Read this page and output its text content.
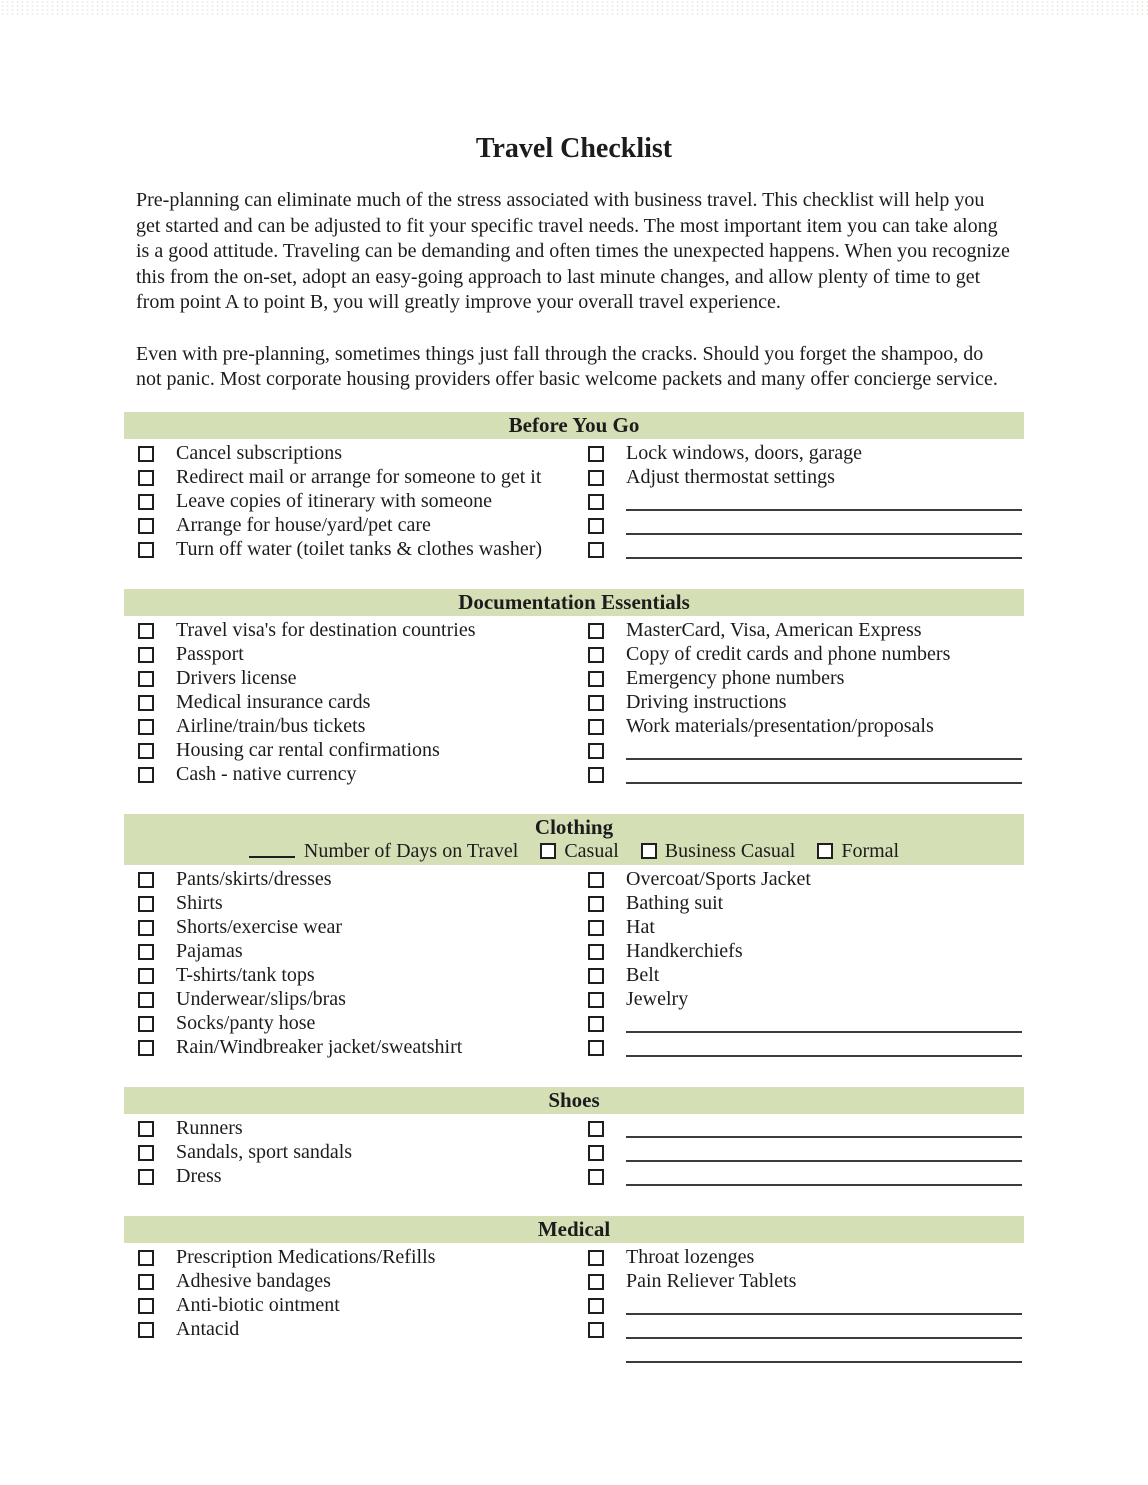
Travel Checklist

Pre-planning can eliminate much of the stress associated with business travel. This checklist will help you get started and can be adjusted to fit your specific travel needs. The most important item you can take along is a good attitude. Traveling can be demanding and often times the unexpected happens. When you recognize this from the on-set, adopt an easy-going approach to last minute changes, and allow plenty of time to get from point A to point B, you will greatly improve your overall travel experience.

Even with pre-planning, sometimes things just fall through the cracks. Should you forget the shampoo, do not panic. Most corporate housing providers offer basic welcome packets and many offer concierge service.

Before You Go
Cancel subscriptions
Redirect mail or arrange for someone to get it
Leave copies of itinerary with someone
Arrange for house/yard/pet care
Turn off water (toilet tanks & clothes washer)
Lock windows, doors, garage
Adjust thermostat settings
Documentation Essentials
Travel visa's for destination countries
Passport
Drivers license
Medical insurance cards
Airline/train/bus tickets
Housing car rental confirmations
Cash - native currency
MasterCard, Visa, American Express
Copy of credit cards and phone numbers
Emergency phone numbers
Driving instructions
Work materials/presentation/proposals
Clothing
Number of Days on Travel Casual Business Casual Formal
Pants/skirts/dresses
Shirts
Shorts/exercise wear
Pajamas
T-shirts/tank tops
Underwear/slips/bras
Socks/panty hose
Rain/Windbreaker jacket/sweatshirt
Overcoat/Sports Jacket
Bathing suit
Hat
Handkerchiefs
Belt
Jewelry
Shoes
Runners
Sandals, sport sandals
Dress
Medical
Prescription Medications/Refills
Adhesive bandages
Anti-biotic ointment
Antacid
Throat lozenges
Pain Reliever Tablets
